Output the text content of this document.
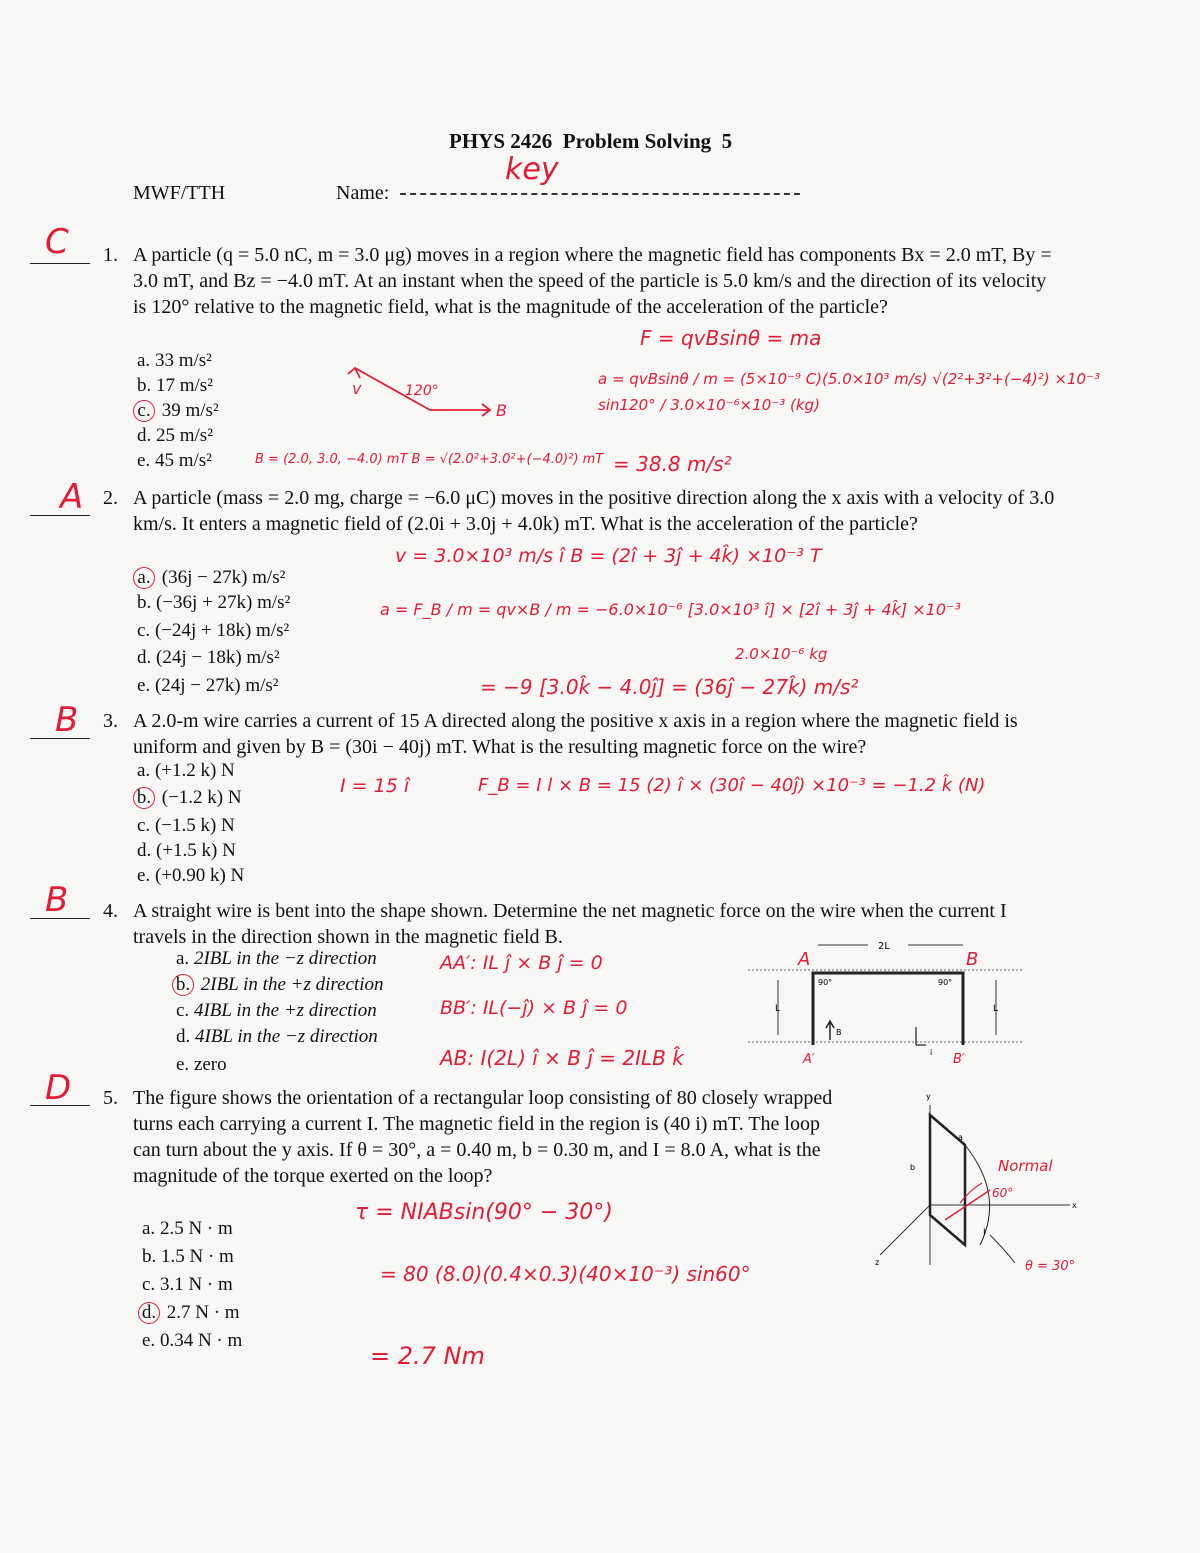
PHYS 2426  Problem Solving  5
MWF/TTH	Name:
key
C 1. A particle (q = 5.0 nC, m = 3.0 μg) moves in a region where the magnetic field has components Bx = 2.0 mT, By = 3.0 mT, and Bz = −4.0 mT. At an instant when the speed of the particle is 5.0 km/s and the direction of its velocity is 120° relative to the magnetic field, what is the magnitude of the acceleration of the particle?
a. 33 m/s²
b. 17 m/s²
c. 39 m/s²
d. 25 m/s²
e. 45 m/s²
120°
v
B
F = qvBsinθ = ma
a = qvBsinθ / m = (5×10⁻⁹ C)(5.0×10³ m/s) √(2²+3²+(−4)²) ×10⁻³ sin120° / 3.0×10⁻⁶×10⁻³ (kg)
B = (2.0, 3.0, −4.0) mT B = √(2.0²+3.0²+(−4.0)²) mT = 38.8 m/s²
A 2. A particle (mass = 2.0 mg, charge = −6.0 μC) moves in the positive direction along the x axis with a velocity of 3.0 km/s. It enters a magnetic field of (2.0i + 3.0j + 4.0k) mT. What is the acceleration of the particle?
a. (36j − 27k) m/s²
b. (−36j + 27k) m/s²
c. (−24j + 18k) m/s²
d. (24j − 18k) m/s²
e. (24j − 27k) m/s²
v = 3.0×10³ m/s î B = (2î + 3ĵ + 4k̂) ×10⁻³ T
a = F_B / m = qv×B / m = −6.0×10⁻⁶ [3.0×10³ î] × [2î + 3ĵ + 4k̂] ×10⁻³
2.0×10⁻⁶ kg
= −9 [3.0k̂ − 4.0ĵ] = (36ĵ − 27k̂) m/s²
B 3. A 2.0-m wire carries a current of 15 A directed along the positive x axis in a region where the magnetic field is uniform and given by B = (30i − 40j) mT. What is the resulting magnetic force on the wire?
a. (+1.2 k) N
b. (−1.2 k) N
c. (−1.5 k) N
d. (+1.5 k) N
e. (+0.90 k) N
I = 15 î	F_B = I l × B = 15 (2) î × (30î − 40ĵ) ×10⁻³ = −1.2 k̂ (N)
B 4. A straight wire is bent into the shape shown. Determine the net magnetic force on the wire when the current I travels in the direction shown in the magnetic field B.
a. 2IBL in the −z direction
b. 2IBL in the +z direction
c. 4IBL in the +z direction
d. 4IBL in the −z direction
e. zero
AA′: IL ĵ × B ĵ = 0
BB′: IL(−ĵ) × B ĵ = 0
AB: I(2L) î × B ĵ = 2ILB k̂
2L
A	B
A′	B′
90°	90°
L	L
B
i
D 5. The figure shows the orientation of a rectangular loop consisting of 80 closely wrapped turns each carrying a current I. The magnetic field in the region is (40 i) mT. The loop can turn about the y axis. If θ = 30°, a = 0.40 m, b = 0.30 m, and I = 8.0 A, what is the magnitude of the torque exerted on the loop?
a. 2.5 N · m
b. 1.5 N · m
c. 3.1 N · m
d. 2.7 N · m
e. 0.34 N · m
τ = NIABsin(90° − 30°)
= 80 (8.0)(0.4×0.3)(40×10⁻³) sin60°
= 2.7 Nm
y
x
z
a
b
I
Normal
60°
θ = 30°
